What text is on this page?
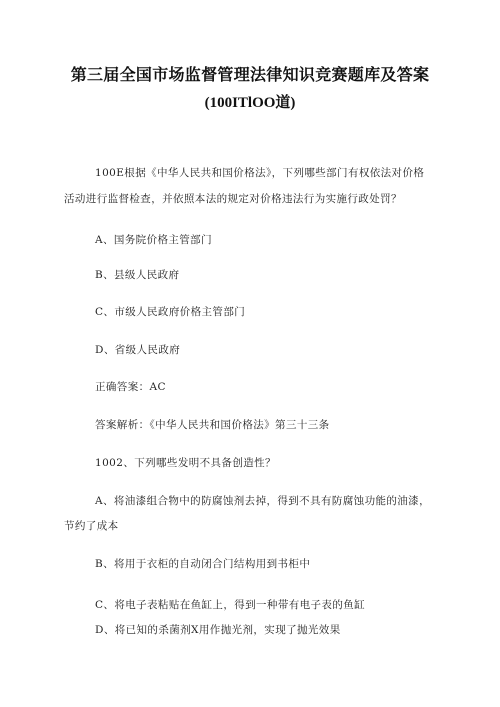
第三届全国市场监督管理法律知识竞赛题库及答案
(100ITlOO道)
100E根据《中华人民共和国价格法》，下列哪些部门有权依法对价格
活动进行监督检查，并依照本法的规定对价格违法行为实施行政处罚？
A、国务院价格主管部门
B、县级人民政府
C、市级人民政府价格主管部门
D、省级人民政府
正确答案：AC
答案解析：《中华人民共和国价格法》第三十三条
1002、下列哪些发明不具备创造性？
A、将油漆组合物中的防腐蚀剂去掉，得到不具有防腐蚀功能的油漆，
节约了成本
B、将用于衣柜的自动闭合门结构用到书柜中
C、将电子表粘贴在鱼缸上，得到一种带有电子表的鱼缸
D、将已知的杀菌剂X用作抛光剂，实现了抛光效果
